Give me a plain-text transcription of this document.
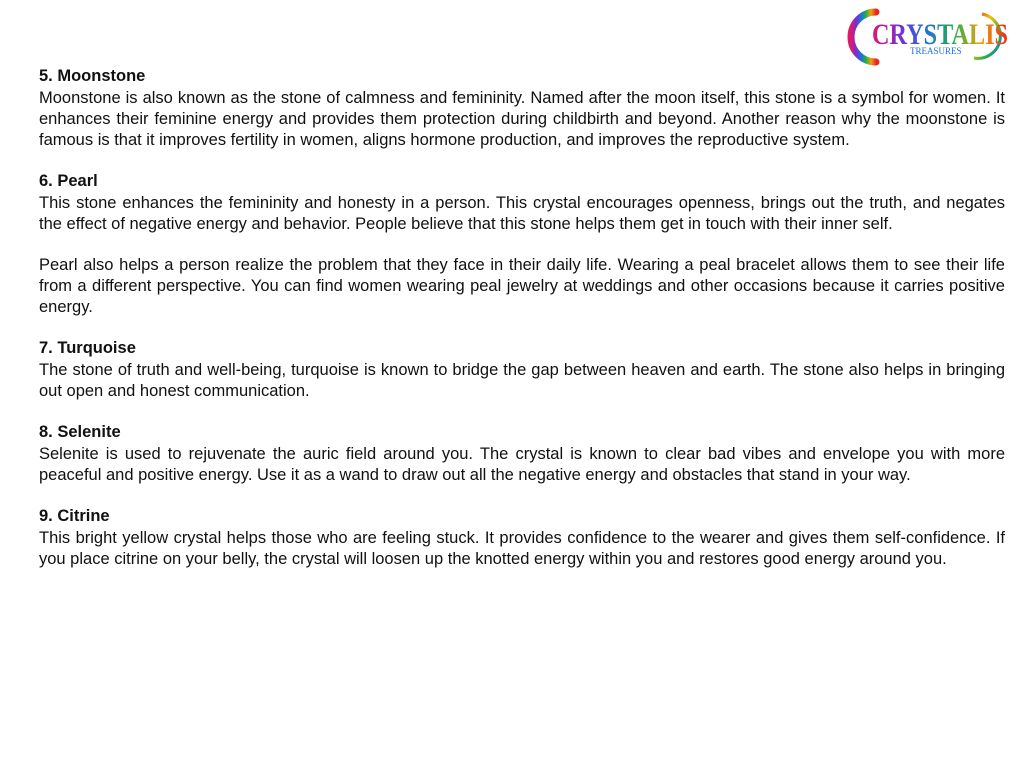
CRYSTALIS
TREASURES
5. Moonstone

Moonstone is also known as the stone of calmness and femininity. Named after the moon itself, this stone is a symbol for women. It enhances their feminine energy and provides them protection during childbirth and beyond. Another reason why the moonstone is famous is that it improves fertility in women, aligns hormone production, and improves the reproductive system.

6. Pearl

This stone enhances the femininity and honesty in a person. This crystal encourages openness, brings out the truth, and negates the effect of negative energy and behavior. People believe that this stone helps them get in touch with their inner self.

Pearl also helps a person realize the problem that they face in their daily life. Wearing a peal bracelet allows them to see their life from a different perspective. You can find women wearing peal jewelry at weddings and other occasions because it carries positive energy.

7. Turquoise

The stone of truth and well-being, turquoise is known to bridge the gap between heaven and earth. The stone also helps in bringing out open and honest communication.

8. Selenite

Selenite is used to rejuvenate the auric field around you. The crystal is known to clear bad vibes and envelope you with more peaceful and positive energy. Use it as a wand to draw out all the negative energy and obstacles that stand in your way.

9. Citrine

This bright yellow crystal helps those who are feeling stuck. It provides confidence to the wearer and gives them self-confidence. If you place citrine on your belly, the crystal will loosen up the knotted energy within you and restores good energy around you.
